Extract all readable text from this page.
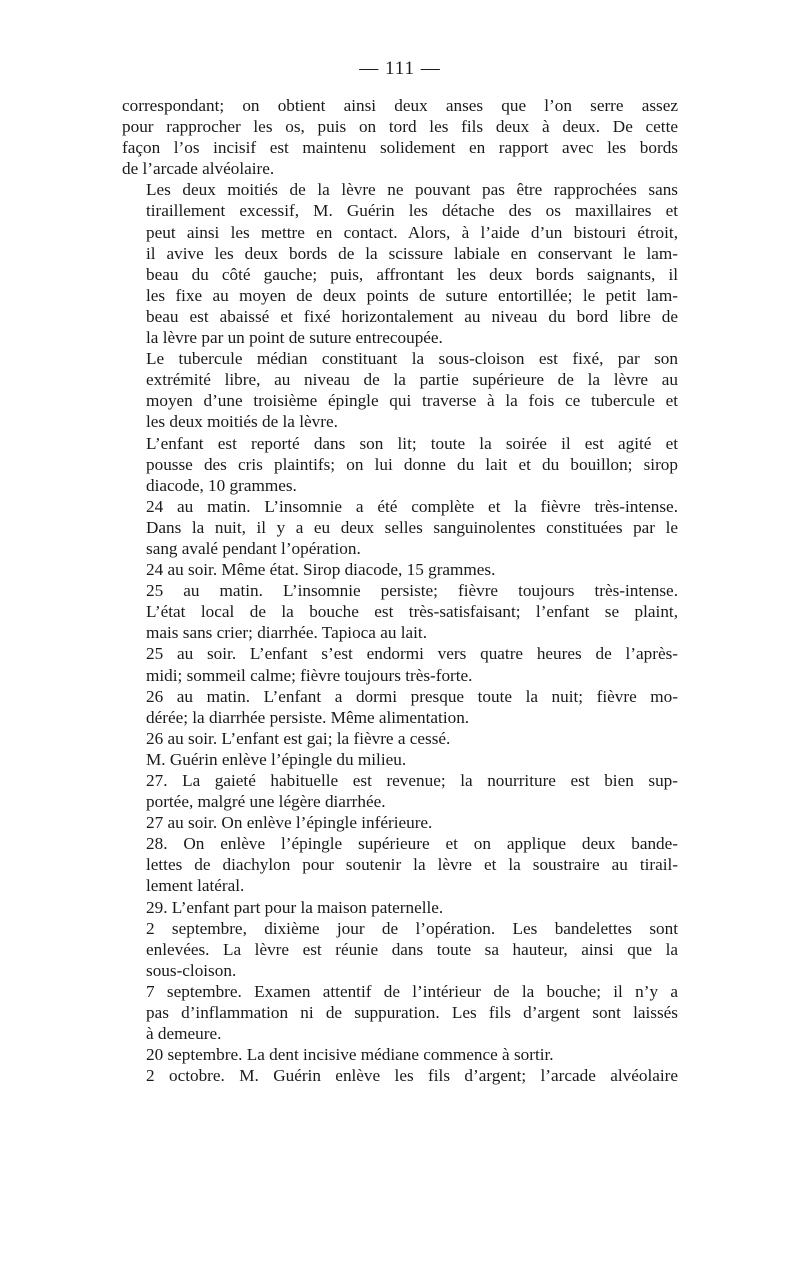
— 111 —
correspondant; on obtient ainsi deux anses que l’on serre assez
pour rapprocher les os, puis on tord les fils deux à deux. De cette
façon l’os incisif est maintenu solidement en rapport avec les bords
de l’arcade alvéolaire.
Les deux moitiés de la lèvre ne pouvant pas être rapprochées sans
tiraillement excessif, M. Guérin les détache des os maxillaires et
peut ainsi les mettre en contact. Alors, à l’aide d’un bistouri étroit,
il avive les deux bords de la scissure labiale en conservant le lam-
beau du côté gauche; puis, affrontant les deux bords saignants, il
les fixe au moyen de deux points de suture entortillée; le petit lam-
beau est abaissé et fixé horizontalement au niveau du bord libre de
la lèvre par un point de suture entrecoupée.
Le tubercule médian constituant la sous-cloison est fixé, par son
extrémité libre, au niveau de la partie supérieure de la lèvre au
moyen d’une troisième épingle qui traverse à la fois ce tubercule et
les deux moitiés de la lèvre.
L’enfant est reporté dans son lit; toute la soirée il est agité et
pousse des cris plaintifs; on lui donne du lait et du bouillon; sirop
diacode, 10 grammes.
24 au matin. L’insomnie a été complète et la fièvre très-intense.
Dans la nuit, il y a eu deux selles sanguinolentes constituées par le
sang avalé pendant l’opération.
24 au soir. Même état. Sirop diacode, 15 grammes.
25 au matin. L’insomnie persiste; fièvre toujours très-intense.
L’état local de la bouche est très-satisfaisant; l’enfant se plaint,
mais sans crier; diarrhée. Tapioca au lait.
25 au soir. L’enfant s’est endormi vers quatre heures de l’après-
midi; sommeil calme; fièvre toujours très-forte.
26 au matin. L’enfant a dormi presque toute la nuit; fièvre mo-
dérée; la diarrhée persiste. Même alimentation.
26 au soir. L’enfant est gai; la fièvre a cessé.
M. Guérin enlève l’épingle du milieu.
27. La gaieté habituelle est revenue; la nourriture est bien sup-
portée, malgré une légère diarrhée.
27 au soir. On enlève l’épingle inférieure.
28. On enlève l’épingle supérieure et on applique deux bande-
lettes de diachylon pour soutenir la lèvre et la soustraire au tirail-
lement latéral.
29. L’enfant part pour la maison paternelle.
2 septembre, dixième jour de l’opération. Les bandelettes sont
enlevées. La lèvre est réunie dans toute sa hauteur, ainsi que la
sous-cloison.
7 septembre. Examen attentif de l’intérieur de la bouche; il n’y a
pas d’inflammation ni de suppuration. Les fils d’argent sont laissés
à demeure.
20 septembre. La dent incisive médiane commence à sortir.
2 octobre. M. Guérin enlève les fils d’argent; l’arcade alvéolaire
